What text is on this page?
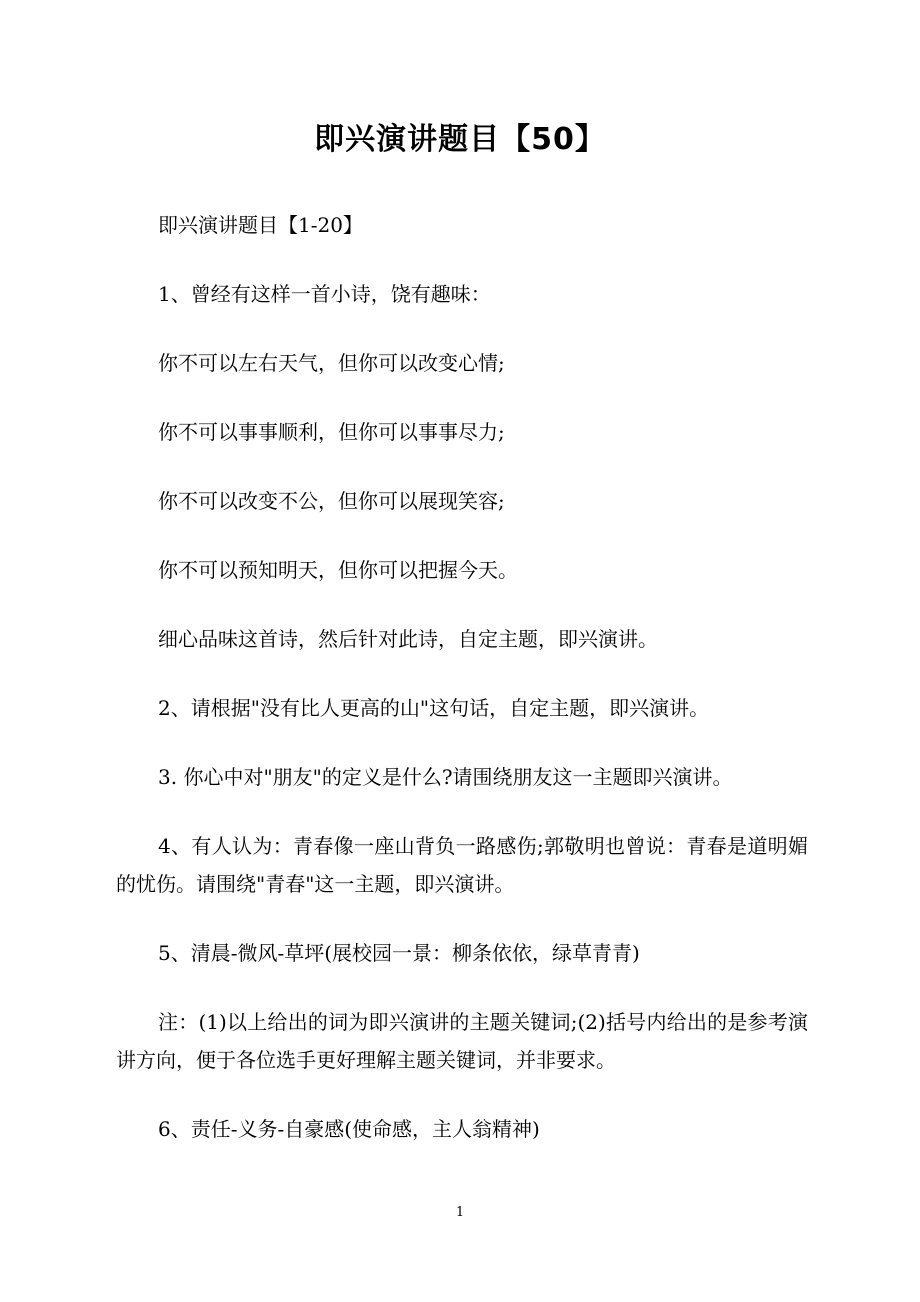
即兴演讲题目【50】

即兴演讲题目【1-20】

1、曾经有这样一首小诗，饶有趣味：

你不可以左右天气，但你可以改变心情;

你不可以事事顺利，但你可以事事尽力;

你不可以改变不公，但你可以展现笑容;

你不可以预知明天，但你可以把握今天。

细心品味这首诗，然后针对此诗，自定主题，即兴演讲。

2、请根据"没有比人更高的山"这句话，自定主题，即兴演讲。

3. 你心中对"朋友"的定义是什么?请围绕朋友这一主题即兴演讲。

4、有人认为：青春像一座山背负一路感伤;郭敬明也曾说：青春是道明媚的忧伤。请围绕"青春"这一主题，即兴演讲。

5、清晨-微风-草坪(展校园一景：柳条依依，绿草青青)

注：(1)以上给出的词为即兴演讲的主题关键词;(2)括号内给出的是参考演讲方向，便于各位选手更好理解主题关键词，并非要求。

6、责任-义务-自豪感(使命感，主人翁精神)

1
